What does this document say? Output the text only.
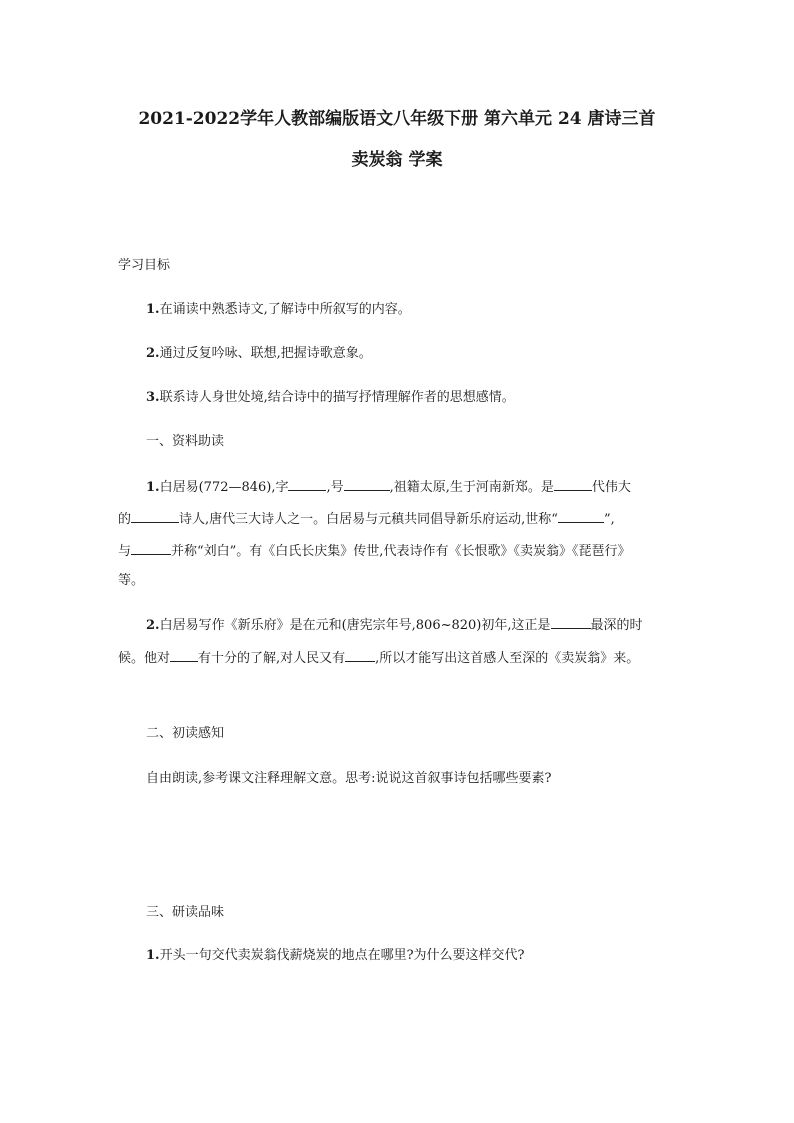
2021-2022学年人教部编版语文八年级下册 第六单元 24 唐诗三首
卖炭翁 学案

学习目标

1.在诵读中熟悉诗文,了解诗中所叙写的内容。

2.通过反复吟咏、联想,把握诗歌意象。

3.联系诗人身世处境,结合诗中的描写抒情理解作者的思想感情。

一、资料助读

1.白居易(772—846),字	,号	,祖籍太原,生于河南新郑。是	代伟大

的	诗人,唐代三大诗人之一。白居易与元稹共同倡导新乐府运动,世称“	”,

与	并称“刘白”。有《白氏长庆集》传世,代表诗作有《长恨歌》《卖炭翁》《琵琶行》

等。

2.白居易写作《新乐府》是在元和(唐宪宗年号,806~820)初年,这正是	最深的时

候。他对 有十分的了解,对人民又有 ,所以才能写出这首感人至深的《卖炭翁》来。

二、初读感知

自由朗读,参考课文注释理解文意。思考:说说这首叙事诗包括哪些要素?

三、研读品味

1.开头一句交代卖炭翁伐薪烧炭的地点在哪里?为什么要这样交代?
